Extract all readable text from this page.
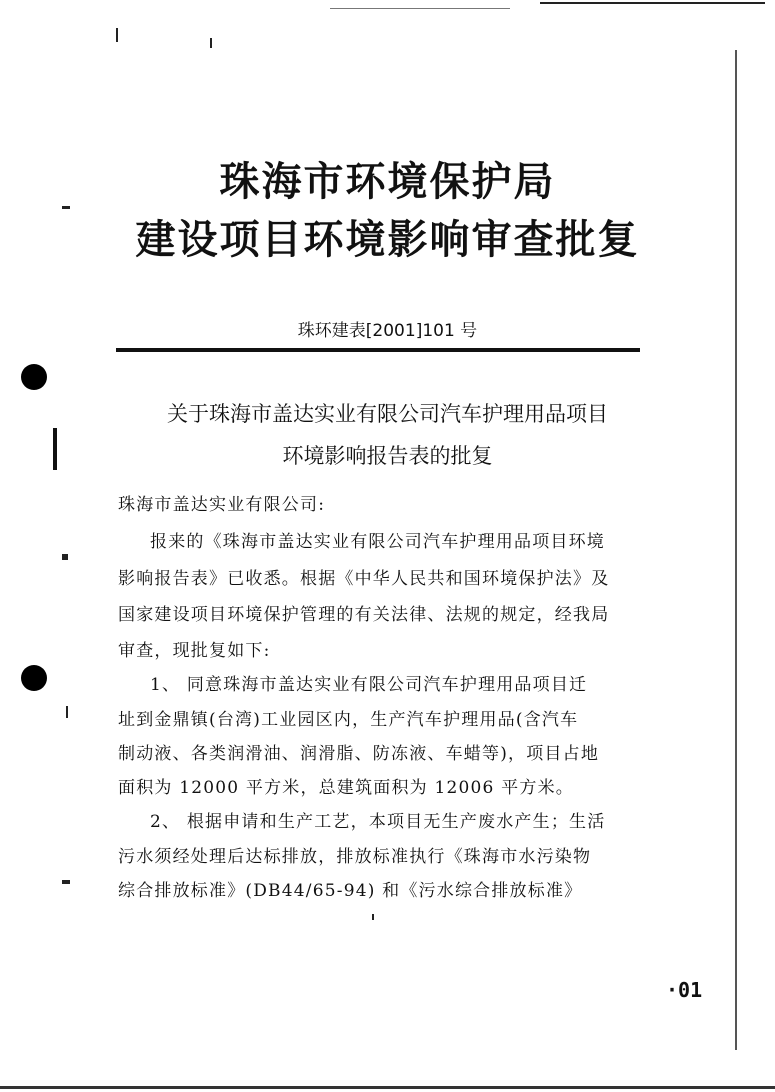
珠海市环境保护局
建设项目环境影响审查批复
珠环建表[2001]101 号
关于珠海市盖达实业有限公司汽车护理用品项目
环境影响报告表的批复
珠海市盖达实业有限公司:
报来的《珠海市盖达实业有限公司汽车护理用品项目环境
影响报告表》已收悉。根据《中华人民共和国环境保护法》及
国家建设项目环境保护管理的有关法律、法规的规定，经我局
审查，现批复如下:
1、 同意珠海市盖达实业有限公司汽车护理用品项目迁
址到金鼎镇(台湾)工业园区内，生产汽车护理用品(含汽车
制动液、各类润滑油、润滑脂、防冻液、车蜡等)，项目占地
面积为 12000 平方米，总建筑面积为 12006 平方米。
2、 根据申请和生产工艺，本项目无生产废水产生；生活
污水须经处理后达标排放，排放标准执行《珠海市水污染物
综合排放标准》(DB44/65-94) 和《污水综合排放标准》
·01
